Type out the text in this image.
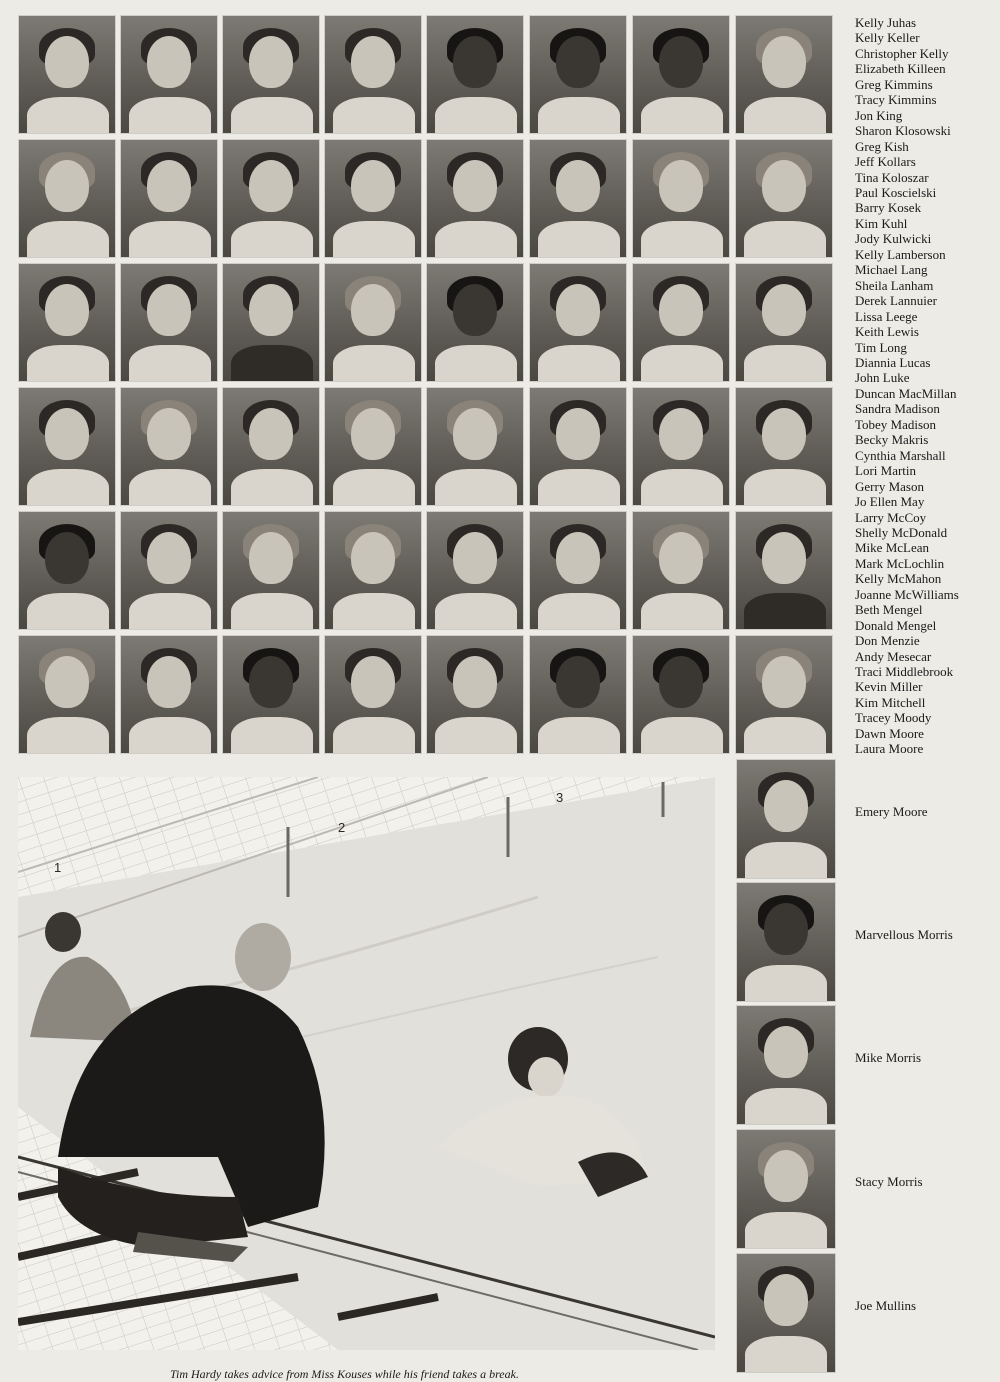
Kelly Juhas
Kelly Keller
Christopher Kelly
Elizabeth Killeen
Greg Kimmins
Tracy Kimmins
Jon King
Sharon Klosowski
Greg Kish
Jeff Kollars
Tina Koloszar
Paul Koscielski
Barry Kosek
Kim Kuhl
Jody Kulwicki
Kelly Lamberson
Michael Lang
Sheila Lanham
Derek Lannuier
Lissa Leege
Keith Lewis
Tim Long
Diannia Lucas
John Luke
Duncan MacMillan
Sandra Madison
Tobey Madison
Becky Makris
Cynthia Marshall
Lori Martin
Gerry Mason
Jo Ellen May
Larry McCoy
Shelly McDonald
Mike McLean
Mark McLochlin
Kelly McMahon
Joanne McWilliams
Beth Mengel
Donald Mengel
Don Menzie
Andy Mesecar
Traci Middlebrook
Kevin Miller
Kim Mitchell
Tracey Moody
Dawn Moore
Laura Moore
1
2
3
Emery Moore
Marvellous Morris
Mike Morris
Stacy Morris
Joe Mullins
Tim Hardy takes advice from Miss Kouses while his friend takes a break.
